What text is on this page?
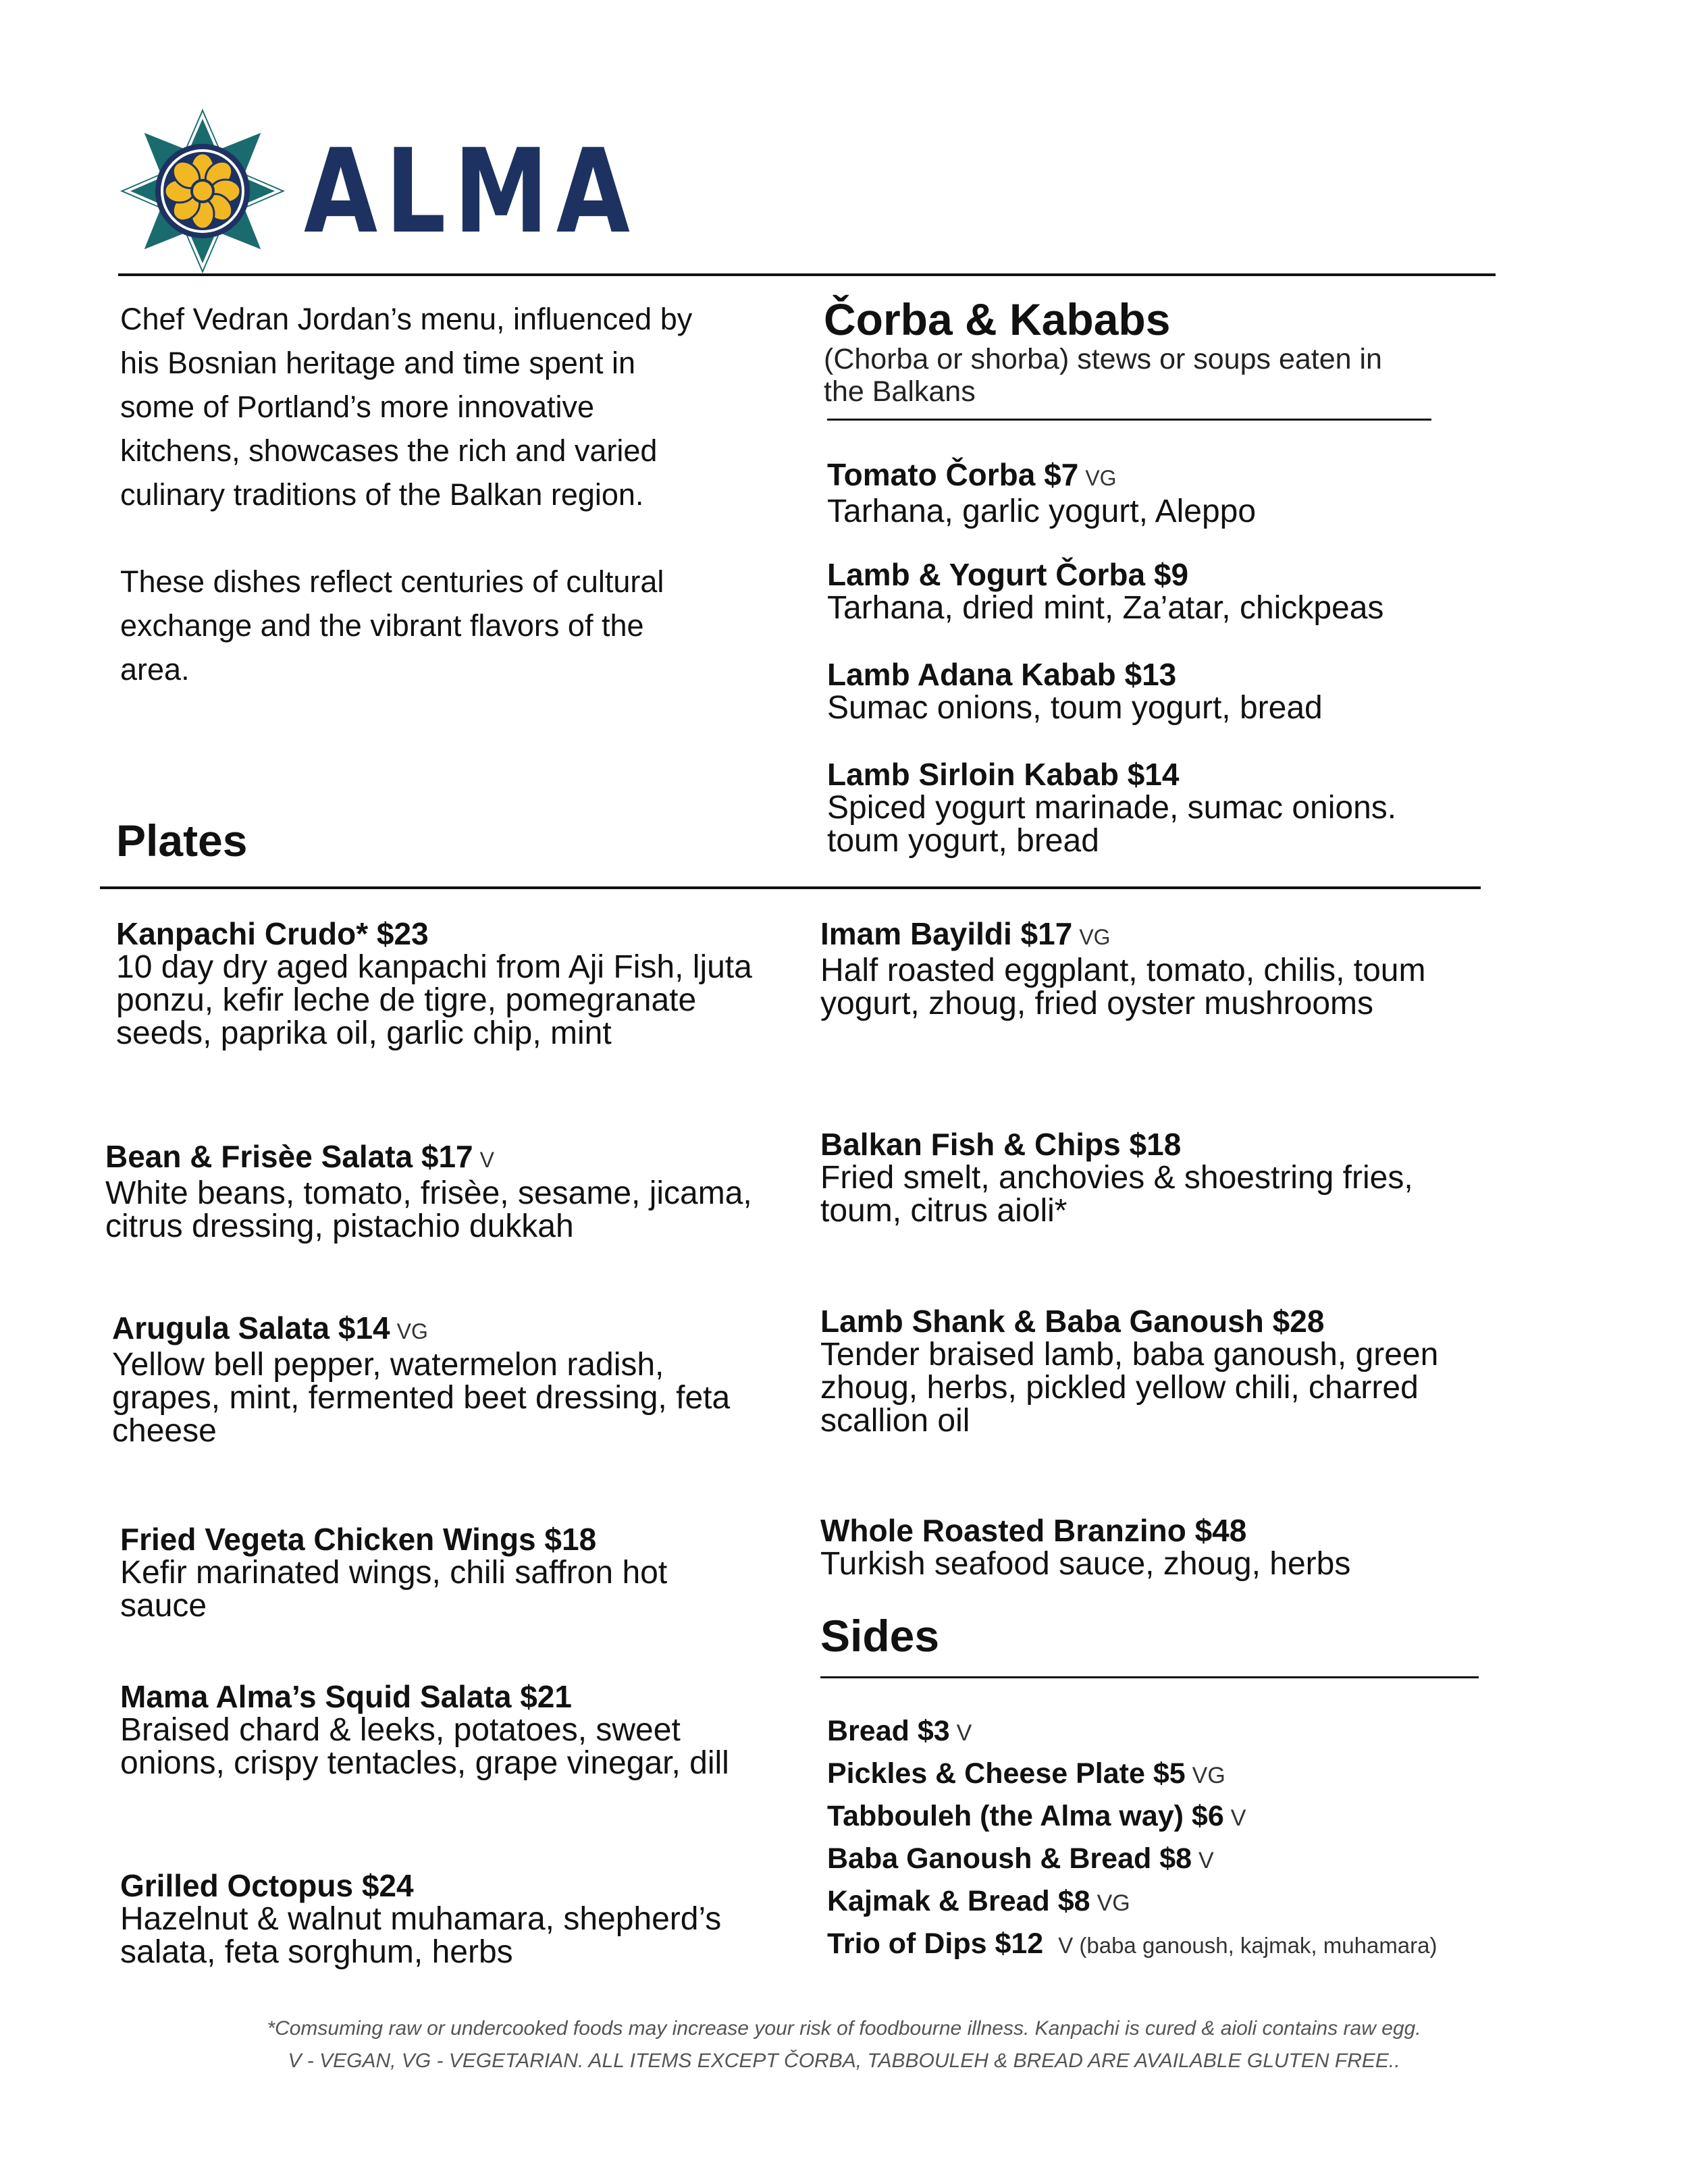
ALMA

Chef Vedran Jordan’s menu, influenced by his Bosnian heritage and time spent in some of Portland’s more innovative kitchens, showcases the rich and varied culinary traditions of the Balkan region.

These dishes reflect centuries of cultural exchange and the vibrant flavors of the area.

Čorba & Kababs
(Chorba or shorba) stews or soups eaten in the Balkans
Tomato Čorba $7 VG
Tarhana, garlic yogurt, Aleppo
Lamb & Yogurt Čorba $9
Tarhana, dried mint, Za’atar, chickpeas
Lamb Adana Kabab $13
Sumac onions, toum yogurt, bread
Lamb Sirloin Kabab $14
Spiced yogurt marinade, sumac onions. toum yogurt, bread
Plates
Kanpachi Crudo* $23
10 day dry aged kanpachi from Aji Fish, ljuta ponzu, kefir leche de tigre, pomegranate seeds, paprika oil, garlic chip, mint
Bean & Frisèe Salata $17 V
White beans, tomato, frisèe, sesame, jicama, citrus dressing, pistachio dukkah
Arugula Salata $14 VG
Yellow bell pepper, watermelon radish, grapes, mint, fermented beet dressing, feta cheese
Fried Vegeta Chicken Wings $18
Kefir marinated wings, chili saffron hot sauce
Mama Alma’s Squid Salata $21
Braised chard & leeks, potatoes, sweet onions, crispy tentacles, grape vinegar, dill
Grilled Octopus $24
Hazelnut & walnut muhamara, shepherd’s salata, feta sorghum, herbs
Imam Bayildi $17 VG
Half roasted eggplant, tomato, chilis, toum yogurt, zhoug, fried oyster mushrooms
Balkan Fish & Chips $18
Fried smelt, anchovies & shoestring fries, toum, citrus aioli*
Lamb Shank & Baba Ganoush $28
Tender braised lamb, baba ganoush, green zhoug, herbs, pickled yellow chili, charred scallion oil
Whole Roasted Branzino $48
Turkish seafood sauce, zhoug, herbs
Sides
Bread $3 V
Pickles & Cheese Plate $5 VG
Tabbouleh (the Alma way) $6 V
Baba Ganoush & Bread $8 V
Kajmak & Bread $8 VG
Trio of Dips $12 V (baba ganoush, kajmak, muhamara)
*Comsuming raw or undercooked foods may increase your risk of foodbourne illness. Kanpachi is cured & aioli contains raw egg.
V - VEGAN, VG - VEGETARIAN. ALL ITEMS EXCEPT ČORBA, TABBOULEH & BREAD ARE AVAILABLE GLUTEN FREE..
